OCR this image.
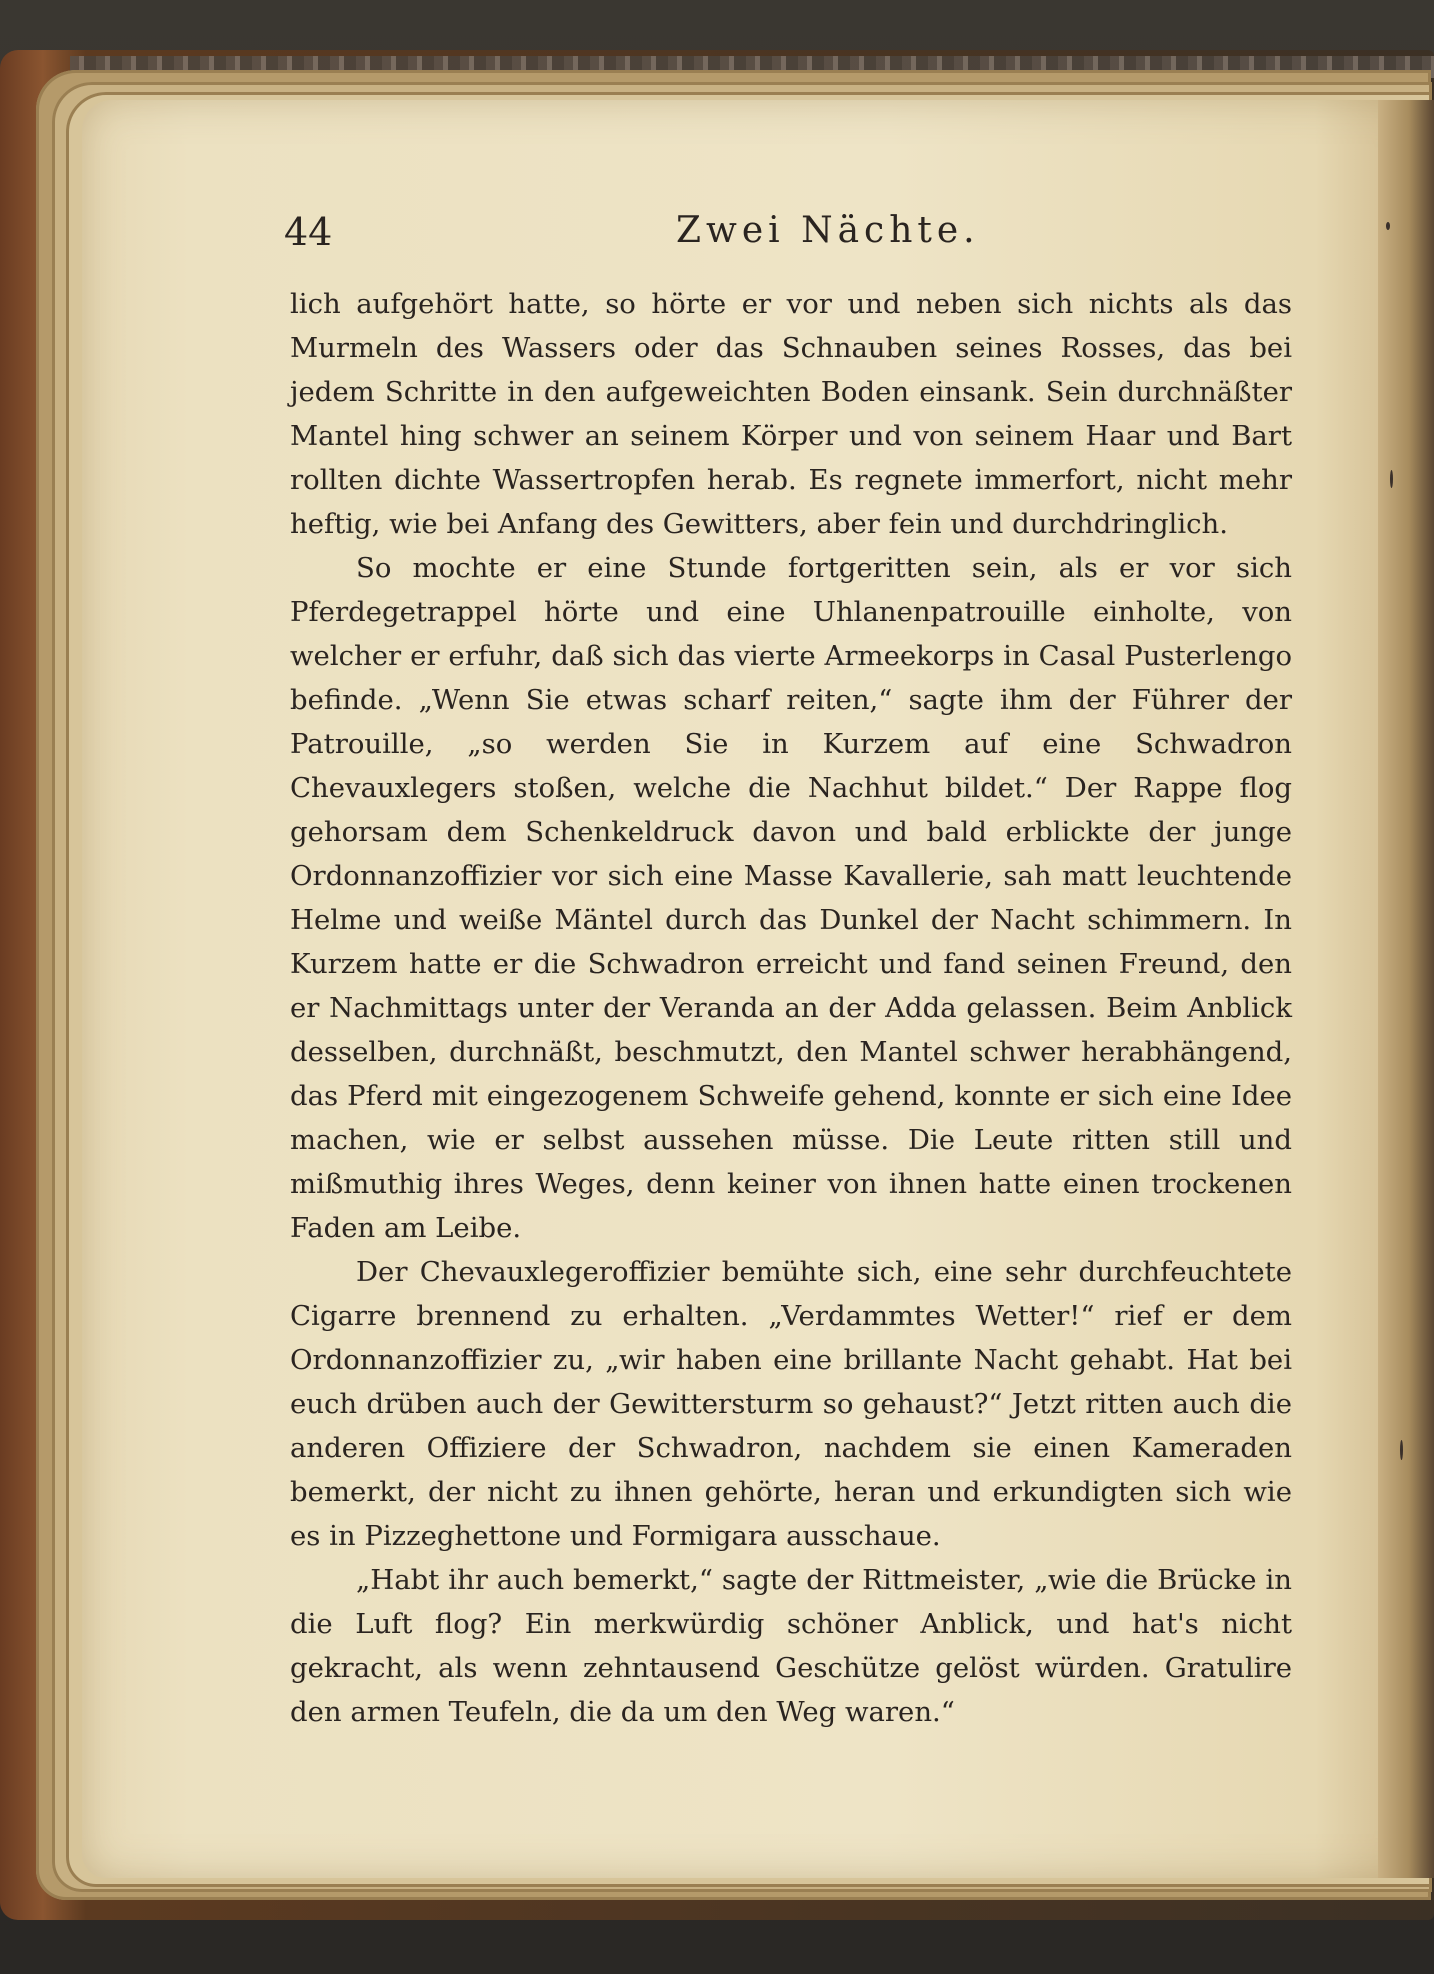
44	Zwei Nächte.

lich aufgehört hatte, so hörte er vor und neben sich nichts als das Murmeln des Wassers oder das Schnauben seines Rosses, das bei jedem Schritte in den aufgeweichten Boden einsank. Sein durchnäßter Mantel hing schwer an seinem Körper und von seinem Haar und Bart rollten dichte Wassertropfen herab. Es regnete immerfort, nicht mehr heftig, wie bei Anfang des Gewitters, aber fein und durchdringlich.

So mochte er eine Stunde fortgeritten sein, als er vor sich Pferdegetrappel hörte und eine Uhlanenpatrouille einholte, von welcher er erfuhr, daß sich das vierte Armeekorps in Casal Pusterlengo befinde. „Wenn Sie etwas scharf reiten,“ sagte ihm der Führer der Patrouille, „so werden Sie in Kurzem auf eine Schwadron Chevauxlegers stoßen, welche die Nachhut bildet.“ Der Rappe flog gehorsam dem Schenkeldruck davon und bald erblickte der junge Ordonnanzoffizier vor sich eine Masse Kavallerie, sah matt leuchtende Helme und weiße Mäntel durch das Dunkel der Nacht schimmern. In Kurzem hatte er die Schwadron erreicht und fand seinen Freund, den er Nachmittags unter der Veranda an der Adda gelassen. Beim Anblick desselben, durchnäßt, beschmutzt, den Mantel schwer herabhängend, das Pferd mit eingezogenem Schweife gehend, konnte er sich eine Idee machen, wie er selbst aussehen müsse. Die Leute ritten still und mißmuthig ihres Weges, denn keiner von ihnen hatte einen trockenen Faden am Leibe.

Der Chevauxlegeroffizier bemühte sich, eine sehr durchfeuchtete Cigarre brennend zu erhalten. „Verdammtes Wetter!“ rief er dem Ordonnanzoffizier zu, „wir haben eine brillante Nacht gehabt. Hat bei euch drüben auch der Gewittersturm so gehaust?“ Jetzt ritten auch die anderen Offiziere der Schwadron, nachdem sie einen Kameraden bemerkt, der nicht zu ihnen gehörte, heran und erkundigten sich wie es in Pizzeghettone und Formigara ausschaue.

„Habt ihr auch bemerkt,“ sagte der Rittmeister, „wie die Brücke in die Luft flog? Ein merkwürdig schöner Anblick, und hat's nicht gekracht, als wenn zehntausend Geschütze gelöst würden. Gratulire den armen Teufeln, die da um den Weg waren.“
